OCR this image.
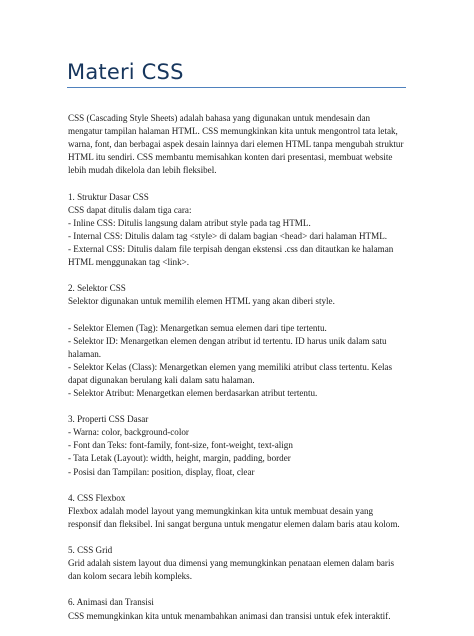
Materi CSS

CSS (Cascading Style Sheets) adalah bahasa yang digunakan untuk mendesain dan mengatur tampilan halaman HTML. CSS memungkinkan kita untuk mengontrol tata letak, warna, font, dan berbagai aspek desain lainnya dari elemen HTML tanpa mengubah struktur HTML itu sendiri. CSS membantu memisahkan konten dari presentasi, membuat website lebih mudah dikelola dan lebih fleksibel.

1. Struktur Dasar CSS
CSS dapat ditulis dalam tiga cara:
- Inline CSS: Ditulis langsung dalam atribut style pada tag HTML.
- Internal CSS: Ditulis dalam tag <style> di dalam bagian <head> dari halaman HTML.
- External CSS: Ditulis dalam file terpisah dengan ekstensi .css dan ditautkan ke halaman HTML menggunakan tag <link>.

2. Selektor CSS
Selektor digunakan untuk memilih elemen HTML yang akan diberi style.

- Selektor Elemen (Tag): Menargetkan semua elemen dari tipe tertentu.
- Selektor ID: Menargetkan elemen dengan atribut id tertentu. ID harus unik dalam satu halaman.
- Selektor Kelas (Class): Menargetkan elemen yang memiliki atribut class tertentu. Kelas dapat digunakan berulang kali dalam satu halaman.
- Selektor Atribut: Menargetkan elemen berdasarkan atribut tertentu.

3. Properti CSS Dasar
- Warna: color, background-color
- Font dan Teks: font-family, font-size, font-weight, text-align
- Tata Letak (Layout): width, height, margin, padding, border
- Posisi dan Tampilan: position, display, float, clear

4. CSS Flexbox
Flexbox adalah model layout yang memungkinkan kita untuk membuat desain yang responsif dan fleksibel. Ini sangat berguna untuk mengatur elemen dalam baris atau kolom.

5. CSS Grid
Grid adalah sistem layout dua dimensi yang memungkinkan penataan elemen dalam baris dan kolom secara lebih kompleks.

6. Animasi dan Transisi
CSS memungkinkan kita untuk menambahkan animasi dan transisi untuk efek interaktif.
